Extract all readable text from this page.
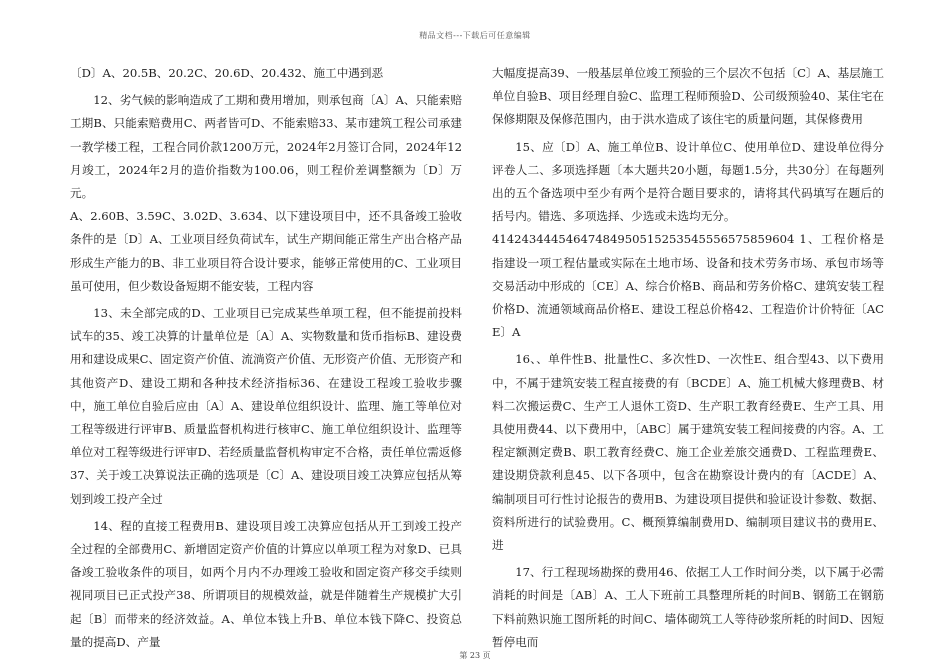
精品文档---下载后可任意编辑

〔D〕A、20.5B、20.2C、20.6D、20.432、施工中遇到恶

12、劣气候的影响造成了工期和费用增加，则承包商〔A〕A、只能索赔工期B、只能索赔费用C、两者皆可D、不能索赔33、某市建筑工程公司承建一教学楼工程，工程合同价款1200万元，2024年2月签订合同，2024年12月竣工，2024年2月的造价指数为100.06，则工程价差调整额为〔D〕万元。

A、2.60B、3.59C、3.02D、3.634、以下建设项目中，还不具备竣工验收条件的是〔D〕A、工业项目经负荷试车，试生产期间能正常生产出合格产品形成生产能力的B、非工业项目符合设计要求，能够正常使用的C、工业项目虽可使用，但少数设备短期不能安装，工程内容

13、未全部完成的D、工业项目已完成某些单项工程，但不能提前投料试车的35、竣工决算的计量单位是〔A〕A、实物数量和货币指标B、建设费用和建设成果C、固定资产价值、流淌资产价值、无形资产价值、无形资产和其他资产D、建设工期和各种技术经济指标36、在建设工程竣工验收步骤中，施工单位自验后应由〔A〕A、建设单位组织设计、监理、施工等单位对工程等级进行评审B、质量监督机构进行核审C、施工单位组织设计、监理等单位对工程等级进行评审D、若经质量监督机构审定不合格，责任单位需返修37、关于竣工决算说法正确的选项是〔C〕A、建设项目竣工决算应包括从筹划到竣工投产全过

14、程的直接工程费用B、建设项目竣工决算应包括从开工到竣工投产全过程的全部费用C、新增固定资产价值的计算应以单项工程为对象D、已具备竣工验收条件的项目，如两个月内不办理竣工验收和固定资产移交手续则视同项目已正式投产38、所谓项目的规模效益，就是伴随着生产规模扩大引起〔B〕而带来的经济效益。A、单位本钱上升B、单位本钱下降C、投资总量的提高D、产量

大幅度提高39、一般基层单位竣工预验的三个层次不包括〔C〕A、基层施工单位自验B、项目经理自验C、监理工程师预验D、公司级预验40、某住宅在保修期限及保修范围内，由于洪水造成了该住宅的质量问题，其保修费用

15、应〔D〕A、施工单位B、设计单位C、使用单位D、建设单位得分评卷人二、多项选择题〔本大题共20小题，每题1.5分，共30分〕在每题列出的五个备选项中至少有两个是符合题目要求的，请将其代码填写在题后的括号内。错选、多项选择、少选或未选均无分。

41424344454647484950515253545556575859604 1、工程价格是指建设一项工程估量或实际在土地市场、设备和技术劳务市场、承包市场等交易活动中形成的〔CE〕A、综合价格B、商品和劳务价格C、建筑安装工程价格D、流通领域商品价格E、建设工程总价格42、工程造价计价特征〔ACE〕A

16、、单件性B、批量性C、多次性D、一次性E、组合型43、以下费用中，不属于建筑安装工程直接费的有〔BCDE〕A、施工机械大修理费B、材料二次搬运费C、生产工人退休工资D、生产职工教育经费E、生产工具、用具使用费44、以下费用中，〔ABC〕属于建筑安装工程间接费的内容。A、工程定额测定费B、职工教育经费C、施工企业差旅交通费D、工程监理费E、建设期贷款利息45、以下各项中，包含在勘察设计费内的有〔ACDE〕A、编制项目可行性讨论报告的费用B、为建设项目提供和验证设计参数、数据、资料所进行的试验费用。C、概预算编制费用D、编制项目建议书的费用E、进

17、行工程现场勘探的费用46、依据工人工作时间分类，以下属于必需消耗的时间是〔AB〕A、工人下班前工具整理所耗的时间B、钢筋工在钢筋下料前熟识施工图所耗的时间C、墙体砌筑工人等待砂浆所耗的时间D、因短暂停电而

第 23 页
